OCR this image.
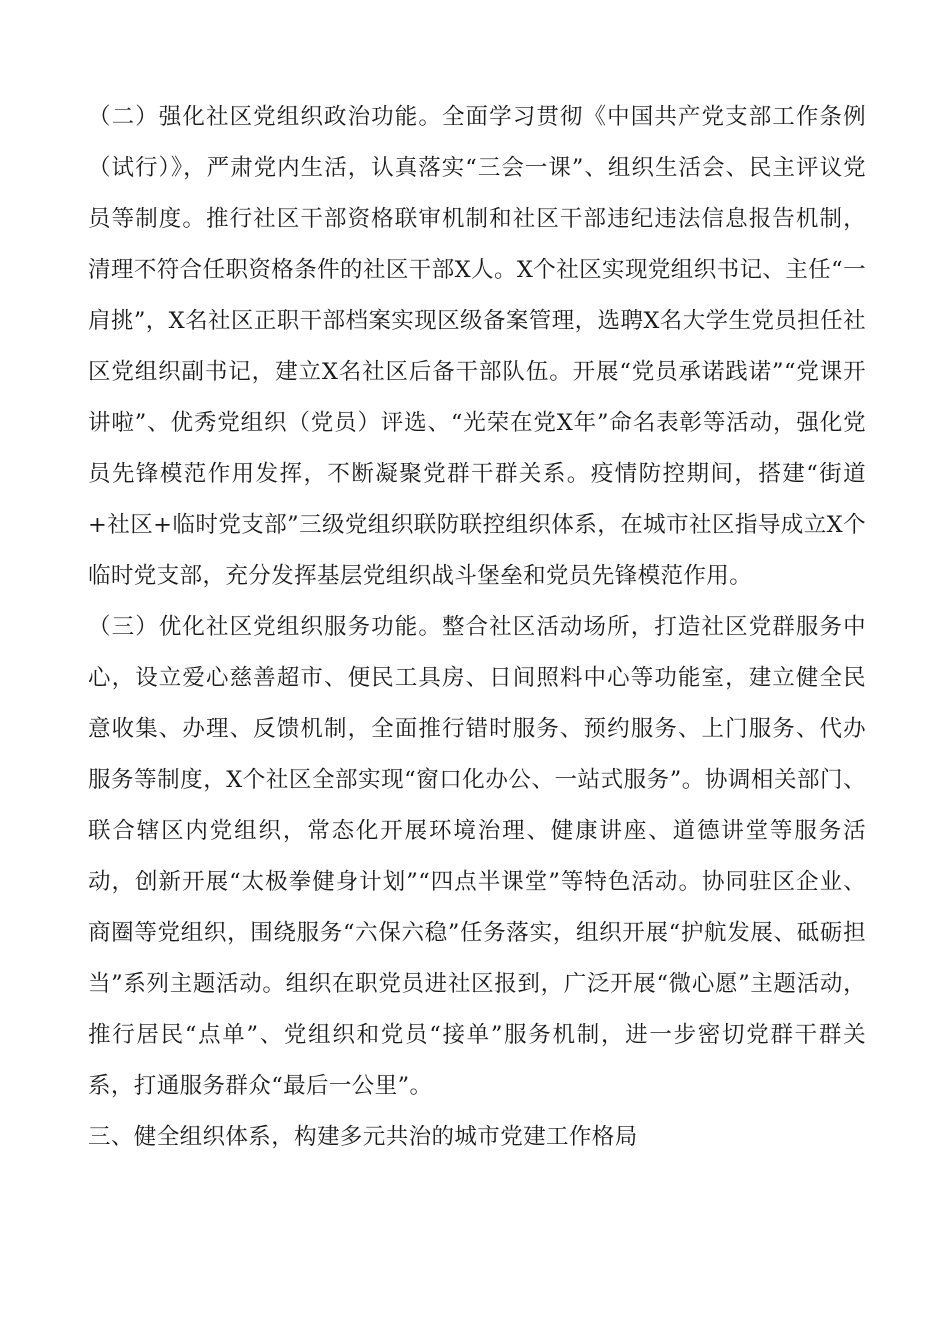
（二）强化社区党组织政治功能。全面学习贯彻《中国共产党支部工作条例（试行）》，严肃党内生活，认真落实“三会一课”、组织生活会、民主评议党员等制度。推行社区干部资格联审机制和社区干部违纪违法信息报告机制，清理不符合任职资格条件的社区干部X人。X个社区实现党组织书记、主任“一肩挑”，X名社区正职干部档案实现区级备案管理，选聘X名大学生党员担任社区党组织副书记，建立X名社区后备干部队伍。开展“党员承诺践诺”“党课开讲啦”、优秀党组织（党员）评选、“光荣在党X年”命名表彰等活动，强化党员先锋模范作用发挥，不断凝聚党群干群关系。疫情防控期间，搭建“街道+社区+临时党支部”三级党组织联防联控组织体系，在城市社区指导成立X个临时党支部，充分发挥基层党组织战斗堡垒和党员先锋模范作用。

（三）优化社区党组织服务功能。整合社区活动场所，打造社区党群服务中心，设立爱心慈善超市、便民工具房、日间照料中心等功能室，建立健全民意收集、办理、反馈机制，全面推行错时服务、预约服务、上门服务、代办服务等制度，X个社区全部实现“窗口化办公、一站式服务”。协调相关部门、联合辖区内党组织，常态化开展环境治理、健康讲座、道德讲堂等服务活动，创新开展“太极拳健身计划”“四点半课堂”等特色活动。协同驻区企业、商圈等党组织，围绕服务“六保六稳”任务落实，组织开展“护航发展、砥砺担当”系列主题活动。组织在职党员进社区报到，广泛开展“微心愿”主题活动，推行居民“点单”、党组织和党员“接单”服务机制，进一步密切党群干群关系，打通服务群众“最后一公里”。

三、健全组织体系，构建多元共治的城市党建工作格局
